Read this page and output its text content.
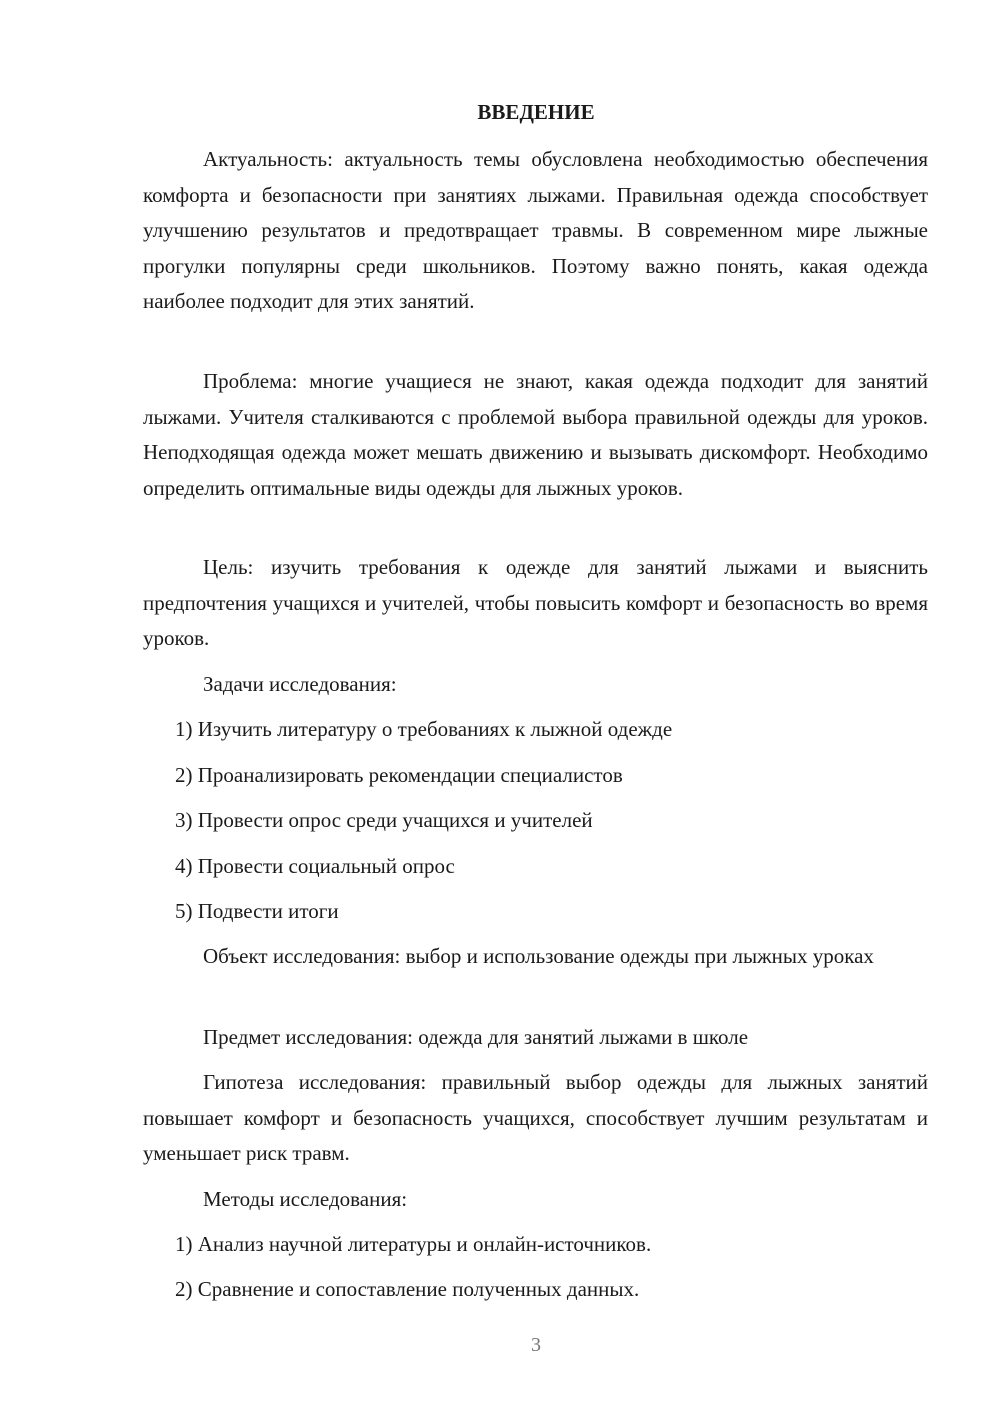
ВВЕДЕНИЕ

Актуальность: актуальность темы обусловлена необходимостью обеспечения комфорта и безопасности при занятиях лыжами. Правильная одежда способствует улучшению результатов и предотвращает травмы. В современном мире лыжные прогулки популярны среди школьников. Поэтому важно понять, какая одежда наиболее подходит для этих занятий.

Проблема: многие учащиеся не знают, какая одежда подходит для занятий лыжами. Учителя сталкиваются с проблемой выбора правильной одежды для уроков. Неподходящая одежда может мешать движению и вызывать дискомфорт. Необходимо определить оптимальные виды одежды для лыжных уроков.

Цель: изучить требования к одежде для занятий лыжами и выяснить предпочтения учащихся и учителей, чтобы повысить комфорт и безопасность во время уроков.

Задачи исследования:
1) Изучить литературу о требованиях к лыжной одежде
2) Проанализировать рекомендации специалистов
3) Провести опрос среди учащихся и учителей
4) Провести социальный опрос
5) Подвести итоги

Объект исследования: выбор и использование одежды при лыжных уроках

Предмет исследования: одежда для занятий лыжами в школе

Гипотеза исследования: правильный выбор одежды для лыжных занятий повышает комфорт и безопасность учащихся, способствует лучшим результатам и уменьшает риск травм.

Методы исследования:
1) Анализ научной литературы и онлайн-источников.
2) Сравнение и сопоставление полученных данных.
3
